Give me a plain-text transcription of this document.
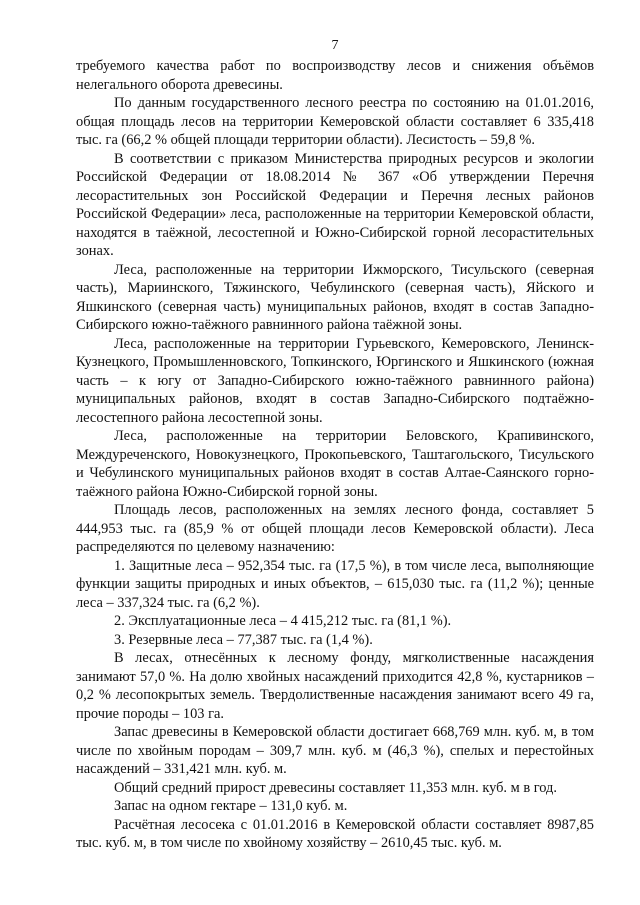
7

требуемого качества работ по воспроизводству лесов и снижения объёмов нелегального оборота древесины.

По данным государственного лесного реестра по состоянию на 01.01.2016, общая площадь лесов на территории Кемеровской области составляет 6 335,418 тыс. га (66,2 % общей площади территории области). Лесистость – 59,8 %.

В соответствии с приказом Министерства природных ресурсов и экологии Российской Федерации от 18.08.2014 № 367 «Об утверждении Перечня лесорастительных зон Российской Федерации и Перечня лесных районов Российской Федерации» леса, расположенные на территории Кемеровской области, находятся в таёжной, лесостепной и Южно-Сибирской горной лесорастительных зонах.

Леса, расположенные на территории Ижморского, Тисульского (северная часть), Мариинского, Тяжинского, Чебулинского (северная часть), Яйского и Яшкинского (северная часть) муниципальных районов, входят в состав Западно-Сибирского южно-таёжного равнинного района таёжной зоны.

Леса, расположенные на территории Гурьевского, Кемеровского, Ленинск-Кузнецкого, Промышленновского, Топкинского, Юргинского и Яшкинского (южная часть – к югу от Западно-Сибирского южно-таёжного равнинного района) муниципальных районов, входят в состав Западно-Сибирского подтаёжно-лесостепного района лесостепной зоны.

Леса, расположенные на территории Беловского, Крапивинского, Междуреченского, Новокузнецкого, Прокопьевского, Таштагольского, Тисульского и Чебулинского муниципальных районов входят в состав Алтае-Саянского горно-таёжного района Южно-Сибирской горной зоны.

Площадь лесов, расположенных на землях лесного фонда, составляет 5 444,953 тыс. га (85,9 % от общей площади лесов Кемеровской области). Леса распределяются по целевому назначению:

1. Защитные леса – 952,354 тыс. га (17,5 %), в том числе леса, выполняющие функции защиты природных и иных объектов, – 615,030 тыс. га (11,2 %); ценные леса – 337,324 тыс. га (6,2 %).

2. Эксплуатационные леса – 4 415,212 тыс. га (81,1 %).

3. Резервные леса – 77,387 тыс. га (1,4 %).

В лесах, отнесённых к лесному фонду, мягколиственные насаждения занимают 57,0 %. На долю хвойных насаждений приходится 42,8 %, кустарников – 0,2 % лесопокрытых земель. Твердолиственные насаждения занимают всего 49 га, прочие породы – 103 га.

Запас древесины в Кемеровской области достигает 668,769 млн. куб. м, в том числе по хвойным породам – 309,7 млн. куб. м (46,3 %), спелых и перестойных насаждений – 331,421 млн. куб. м.

Общий средний прирост древесины составляет 11,353 млн. куб. м в год.

Запас на одном гектаре – 131,0 куб. м.

Расчётная лесосека с 01.01.2016 в Кемеровской области составляет 8987,85 тыс. куб. м, в том числе по хвойному хозяйству – 2610,45 тыс. куб. м.
